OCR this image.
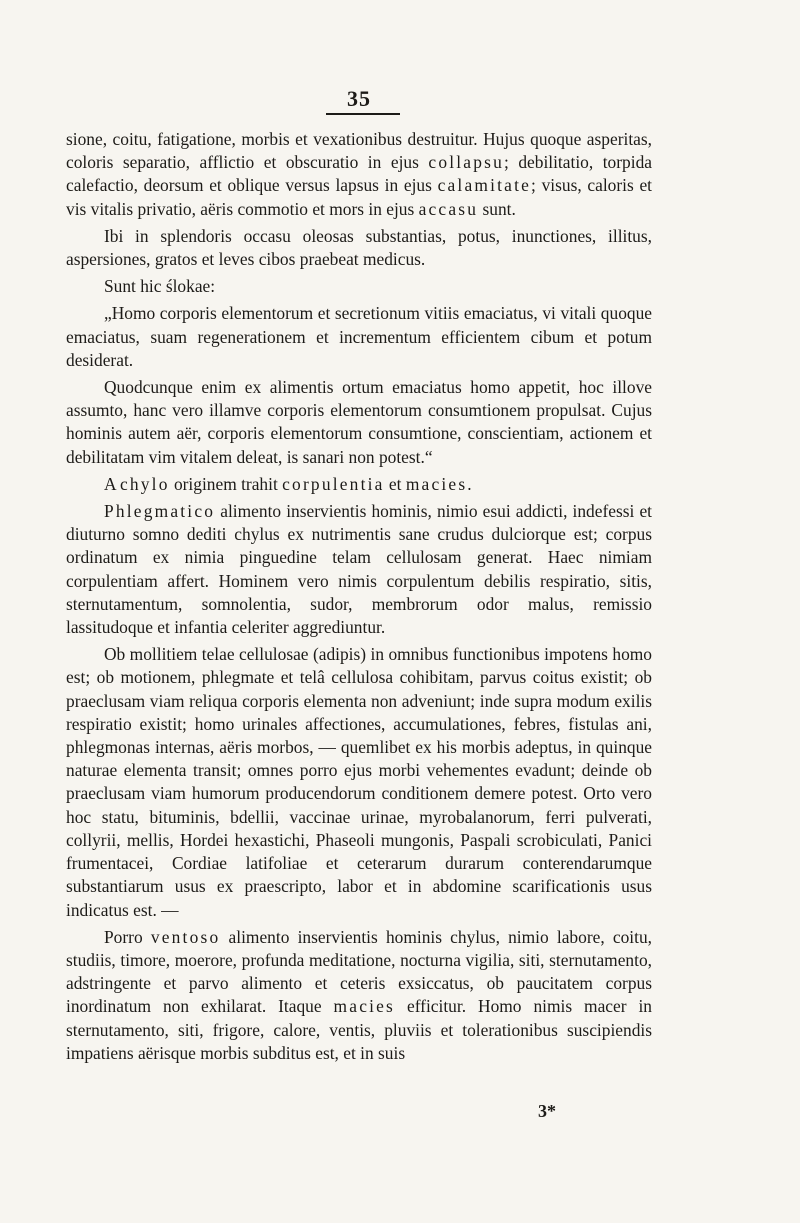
35

sione, coitu, fatigatione, morbis et vexationibus destruitur. Hujus quoque asperitas, coloris separatio, afflictio et obscuratio in ejus collapsu; debilitatio, torpida calefactio, deorsum et oblique versus lapsus in ejus calamitate; visus, caloris et vis vitalis privatio, aëris commotio et mors in ejus accasu sunt.

Ibi in splendoris occasu oleosas substantias, potus, inunctiones, illitus, aspersiones, gratos et leves cibos praebeat medicus.

Sunt hic ślokae:

„Homo corporis elementorum et secretionum vitiis emaciatus, vi vitali quoque emaciatus, suam regenerationem et incrementum efficientem cibum et potum desiderat.

Quodcunque enim ex alimentis ortum emaciatus homo appetit, hoc illove assumto, hanc vero illamve corporis elementorum consumtionem propulsat. Cujus hominis autem aër, corporis elementorum consumtione, conscientiam, actionem et debilitatam vim vitalem deleat, is sanari non potest.“

A chylo originem trahit corpulentia et macies.

Phlegmatico alimento inservientis hominis, nimio esui addicti, indefessi et diuturno somno dediti chylus ex nutrimentis sane crudus dulciorque est; corpus ordinatum ex nimia pinguedine telam cellulosam generat. Haec nimiam corpulentiam affert. Hominem vero nimis corpulentum debilis respiratio, sitis, sternutamentum, somnolentia, sudor, membrorum odor malus, remissio lassitudoque et infantia celeriter aggrediuntur.

Ob mollitiem telae cellulosae (adipis) in omnibus functionibus impotens homo est; ob motionem, phlegmate et telâ cellulosa cohibitam, parvus coitus existit; ob praeclusam viam reliqua corporis elementa non adveniunt; inde supra modum exilis respiratio existit; homo urinales affectiones, accumulationes, febres, fistulas ani, phlegmonas internas, aëris morbos, — quemlibet ex his morbis adeptus, in quinque naturae elementa transit; omnes porro ejus morbi vehementes evadunt; deinde ob praeclusam viam humorum producendorum conditionem demere potest. Orto vero hoc statu, bituminis, bdellii, vaccinae urinae, myrobalanorum, ferri pulverati, collyrii, mellis, Hordei hexastichi, Phaseoli mungonis, Paspali scrobiculati, Panici frumentacei, Cordiae latifoliae et ceterarum durarum conterendarumque substantiarum usus ex praescripto, labor et in abdomine scarificationis usus indicatus est. —

Porro ventoso alimento inservientis hominis chylus, nimio labore, coitu, studiis, timore, moerore, profunda meditatione, nocturna vigilia, siti, sternutamento, adstringente et parvo alimento et ceteris exsiccatus, ob paucitatem corpus inordinatum non exhilarat. Itaque macies efficitur. Homo nimis macer in sternutamento, siti, frigore, calore, ventis, pluviis et tolerationibus suscipiendis impatiens aërisque morbis subditus est, et in suis

3*
